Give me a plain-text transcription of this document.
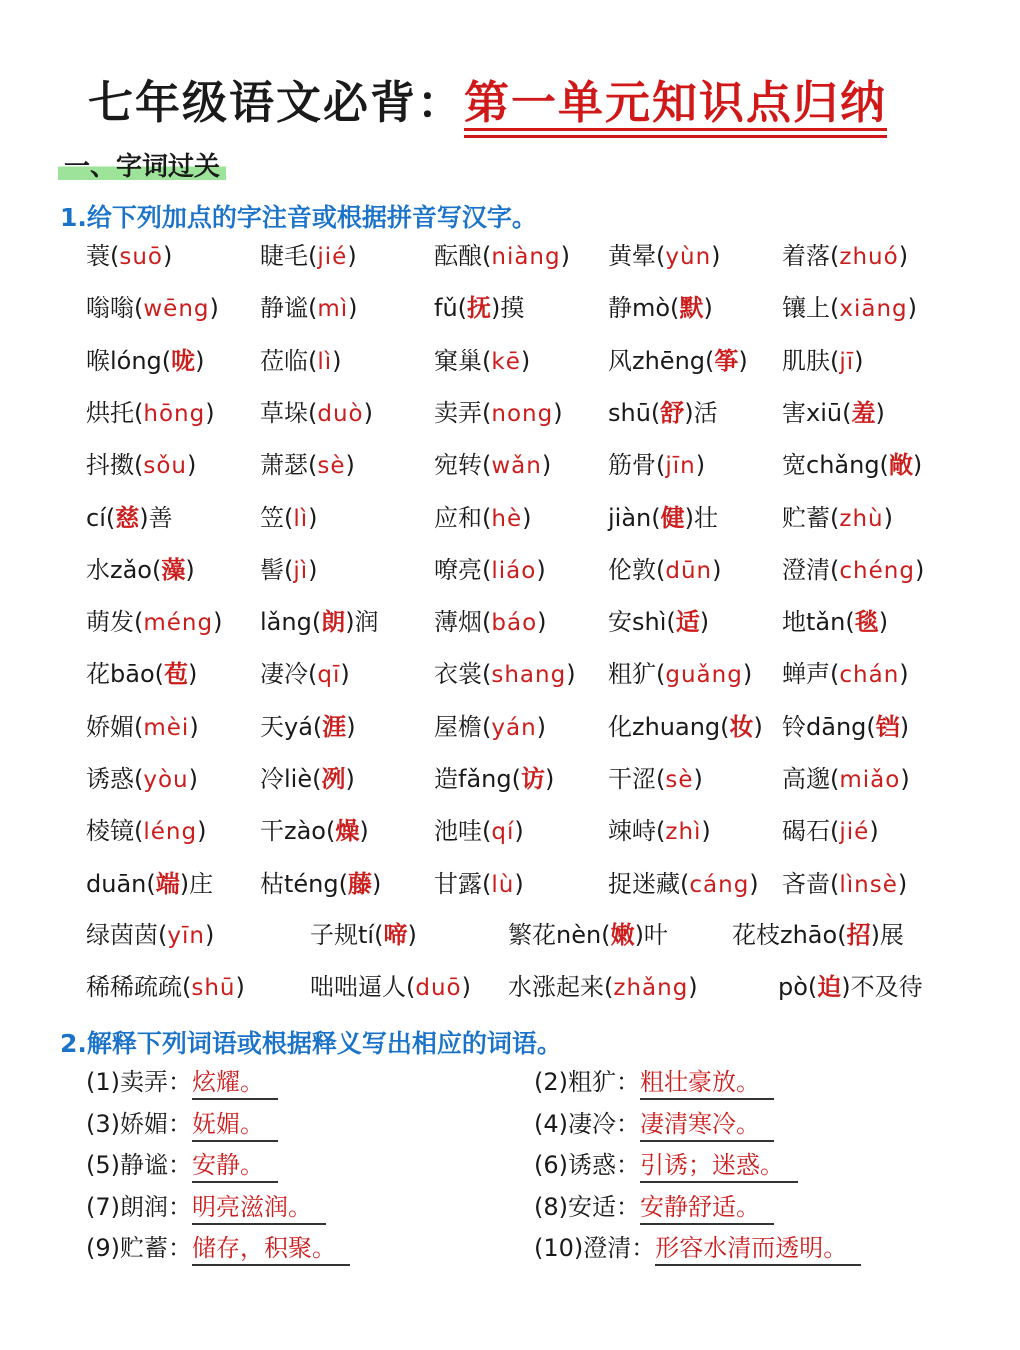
七年级语文必背：第一单元知识点归纳
一、字词过关
1.给下列加点的字注音或根据拼音写汉字。
蓑(suō)	睫毛(jié)	酝酿(niàng) 黄晕(yùn)	着落(zhuó)
嗡嗡(wēng) 静谧(mì)	fǔ(抚)摸	静mò(默)	镶上(xiāng)
喉lóng(咙) 莅临(lì)	窠巢(kē)	风zhēng(筝) 肌肤(jī)
烘托(hōng) 草垛(duò)	卖弄(nong) shū(舒)活	害xiū(羞)
抖擞(sǒu)	萧瑟(sè)	宛转(wǎn) 筋骨(jīn)	宽chǎng(敞)
cí(慈)善	笠(lì)	应和(hè)	jiàn(健)壮	贮蓄(zhù)
水zǎo(藻)	髻(jì)	嘹亮(liáo)	伦敦(dūn)	澄清(chéng)
萌发(méng) lǎng(朗)润 薄烟(báo)	安shì(适)	地tǎn(毯)
花bāo(苞)	凄冷(qī)	衣裳(shang) 粗犷(guǎng) 蝉声(chán)
娇媚(mèi)	天yá(涯)	屋檐(yán)	化zhuang(妆) 铃dāng(铛)
诱惑(yòu)	冷liè(冽)	造fǎng(访) 干涩(sè)	高邈(miǎo)
棱镜(léng) 干zào(燥)	池哇(qí)	竦峙(zhì)	碣石(jié)
duān(端)庄 枯téng(藤) 甘露(lù)	捉迷藏(cáng) 吝啬(lìnsè)
绿茵茵(yīn)	子规tí(啼)	繁花nèn(嫩)叶	花枝zhāo(招)展
稀稀疏疏(shū)	咄咄逼人(duō) 水涨起来(zhǎng)	pò(迫)不及待
2.解释下列词语或根据释义写出相应的词语。
(1)卖弄：炫耀。	(2)粗犷：粗壮豪放。
(3)娇媚：妩媚。	(4)凄冷：凄清寒冷。
(5)静谧：安静。	(6)诱惑：引诱；迷惑。
(7)朗润：明亮滋润。	(8)安适：安静舒适。
(9)贮蓄：储存，积聚。	(10)澄清：形容水清而透明。
